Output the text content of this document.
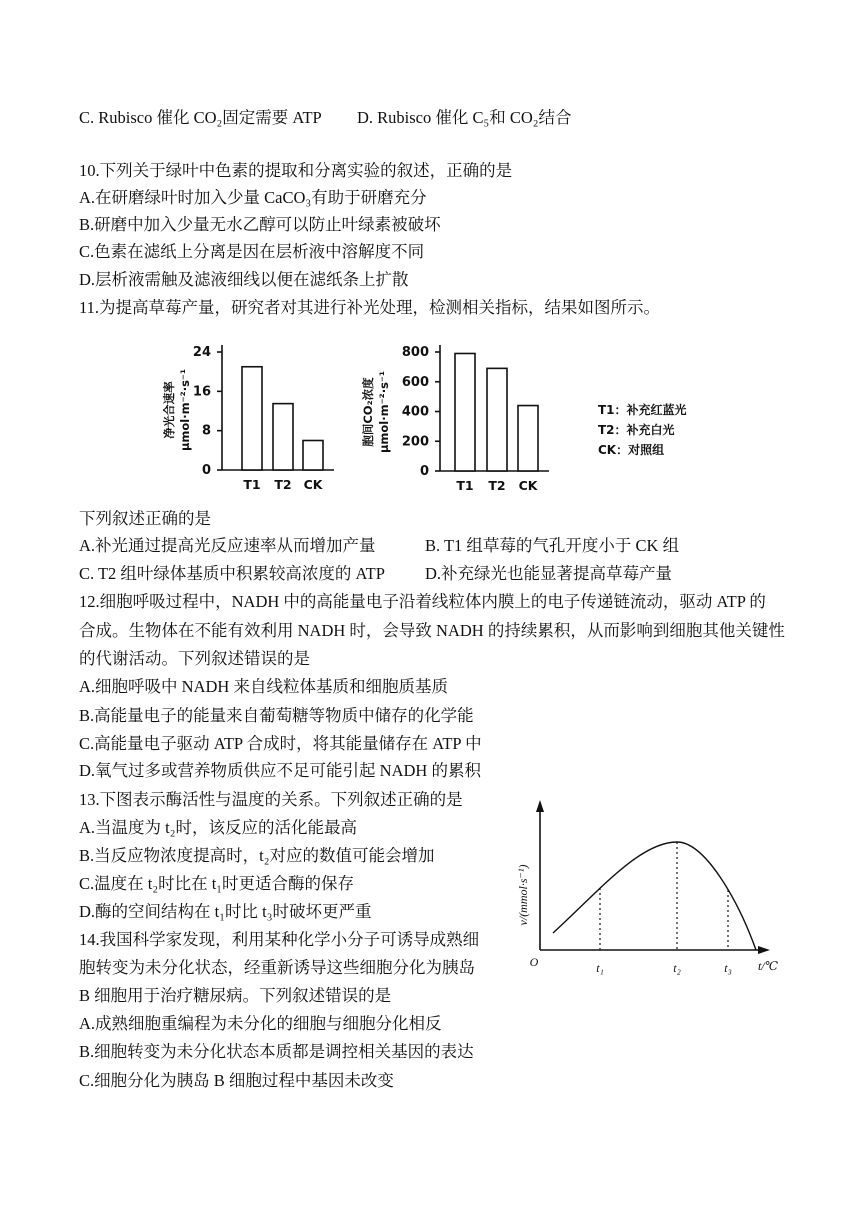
24
16
8
0
T1 T2 CK
净光合速率 μmol·m⁻²·s⁻¹
800
600
400
200
0
T1 T2 CK
胞间CO₂浓度 μmol·m⁻²·s⁻¹
t₁	t₂	t₃
O	t/℃
v/(mmol·s⁻¹)
C. Rubisco 催化 CO₂固定需要 ATP D. Rubisco 催化 C₅和 CO₂结合
10.下列关于绿叶中色素的提取和分离实验的叙述，正确的是
A.在研磨绿叶时加入少量 CaCO₃有助于研磨充分
B.研磨中加入少量无水乙醇可以防止叶绿素被破坏
C.色素在滤纸上分离是因在层析液中溶解度不同
D.层析液需触及滤液细线以便在滤纸条上扩散
11.为提高草莓产量，研究者对其进行补光处理，检测相关指标，结果如图所示。
T1：补充红蓝光
T2：补充白光
CK：对照组
下列叙述正确的是
A.补光通过提高光反应速率从而增加产量	B. T1 组草莓的气孔开度小于 CK 组
C. T2 组叶绿体基质中积累较高浓度的 ATP D.补充绿光也能显著提高草莓产量
12.细胞呼吸过程中，NADH 中的高能量电子沿着线粒体内膜上的电子传递链流动，驱动 ATP 的
合成。生物体在不能有效利用 NADH 时，会导致 NADH 的持续累积，从而影响到细胞其他关键性
的代谢活动。下列叙述错误的是
A.细胞呼吸中 NADH 来自线粒体基质和细胞质基质
B.高能量电子的能量来自葡萄糖等物质中储存的化学能
C.高能量电子驱动 ATP 合成时，将其能量储存在 ATP 中
D.氧气过多或营养物质供应不足可能引起 NADH 的累积
13.下图表示酶活性与温度的关系。下列叙述正确的是
A.当温度为 t₂时，该反应的活化能最高
B.当反应物浓度提高时，t₂对应的数值可能会增加
C.温度在 t₂时比在 t₁时更适合酶的保存
D.酶的空间结构在 t₁时比 t₃时破坏更严重
14.我国科学家发现，利用某种化学小分子可诱导成熟细
胞转变为未分化状态，经重新诱导这些细胞分化为胰岛
B 细胞用于治疗糖尿病。下列叙述错误的是
A.成熟细胞重编程为未分化的细胞与细胞分化相反
B.细胞转变为未分化状态本质都是调控相关基因的表达
C.细胞分化为胰岛 B 细胞过程中基因未改变
